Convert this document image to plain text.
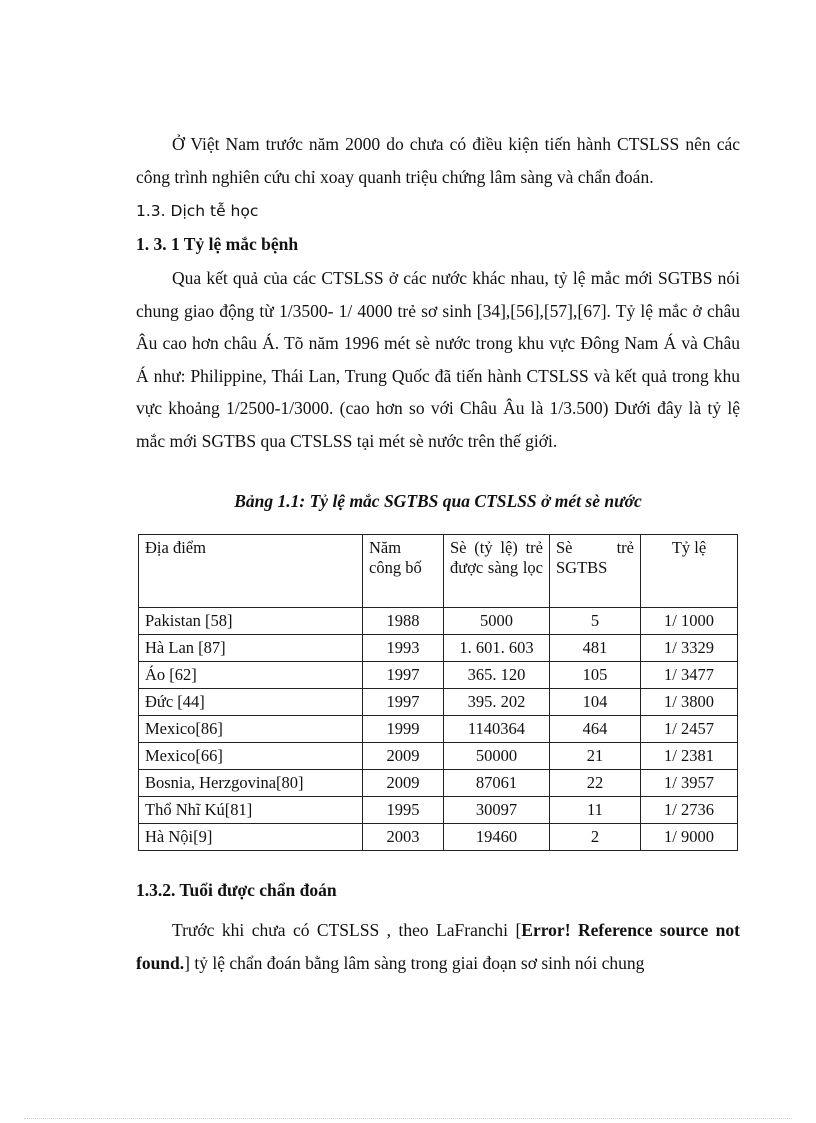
Ở Việt Nam trước năm 2000 do chưa có điều kiện tiến hành CTSLSS nên các công trình nghiên cứu chỉ xoay quanh triệu chứng lâm sàng và chẩn đoán.

1.3. Dịch tễ học

1. 3. 1 Tỷ lệ mắc bệnh

Qua kết quả của các CTSLSS ở các nước khác nhau, tỷ lệ mắc mới SGTBS nói chung giao động từ 1/3500- 1/ 4000 trẻ sơ sinh [34],[56],[57],[67]. Tỷ lệ mắc ở châu Âu cao hơn châu Á. Tõ năm 1996 mét sè nước trong khu vực Đông Nam Á và Châu Á như: Philippine, Thái Lan, Trung Quốc đã tiến hành CTSLSS và kết quả trong khu vực khoảng 1/2500-1/3000. (cao hơn so với Châu Âu là 1/3.500) Dưới đây là tỷ lệ mắc mới SGTBS qua CTSLSS tại mét sè nước trên thế giới.

Bảng 1.1: Tỷ lệ mắc SGTBS qua CTSLSS ở mét sè nước

Địa điểm	Năm công bố	Sè (tỷ lệ) trẻ được sàng lọc	Sè trẻ SGTBS	Tỷ lệ
Pakistan [58]	1988	5000	5	1/ 1000
Hà Lan [87]	1993	1. 601. 603	481	1/ 3329
Áo [62]	1997	365. 120	105	1/ 3477
Đức [44]	1997	395. 202	104	1/ 3800
Mexico[86]	1999	1140364	464	1/ 2457
Mexico[66]	2009	50000	21	1/ 2381
Bosnia, Herzgovina[80]	2009	87061	22	1/ 3957
Thổ Nhĩ Kú[81]	1995	30097	11	1/ 2736
Hà Nội[9]	2003	19460	2	1/ 9000

1.3.2. Tuổi được chẩn đoán

Trước khi chưa có CTSLSS , theo LaFranchi [Error! Reference source not found.] tỷ lệ chẩn đoán bằng lâm sàng trong giai đoạn sơ sinh nói chung
